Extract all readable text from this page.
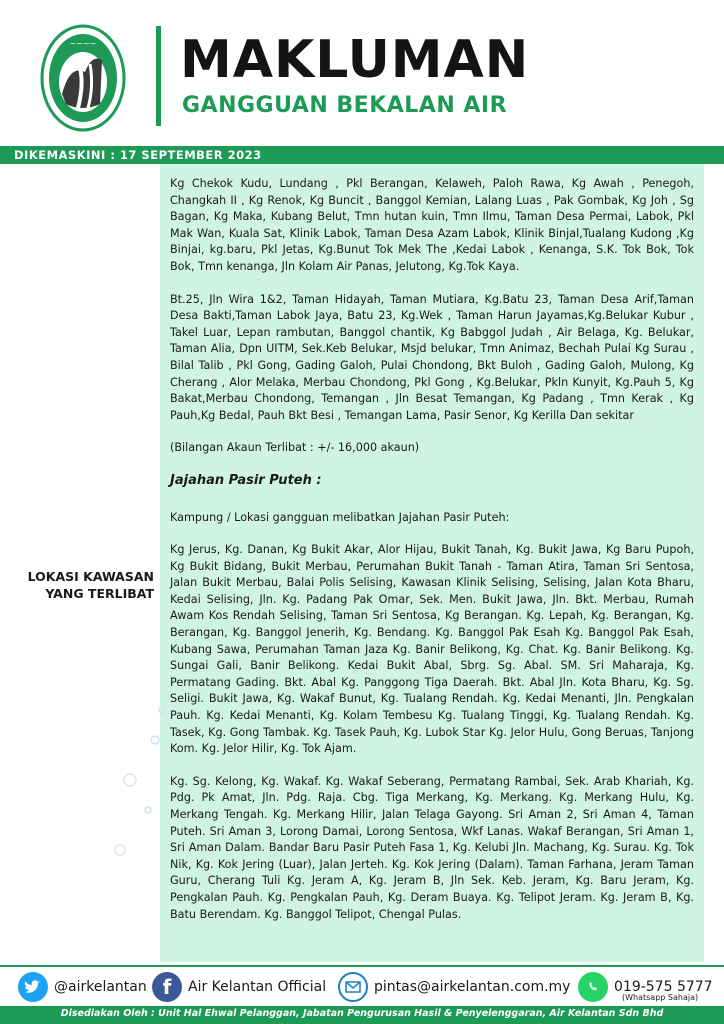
~~~~ MAKLUMAN
GANGGUAN BEKALAN AIR
DIKEMASKINI : 17 SEPTEMBER 2023
LOKASI KAWASAN
YANG TERLIBAT

Kg Chekok Kudu, Lundang , Pkl Berangan, Kelaweh, Paloh Rawa, Kg Awah , Penegoh, Changkah II , Kg Renok, Kg Buncit , Banggol Kemian, Lalang Luas , Pak Gombak, Kg Joh , Sg Bagan, Kg Maka, Kubang Belut, Tmn hutan kuin, Tmn Ilmu, Taman Desa Permai, Labok, Pkl Mak Wan, Kuala Sat, Klinik Labok, Taman Desa Azam Labok, Klinik Binjal,Tualang Kudong ,Kg Binjai, kg.baru, Pkl Jetas, Kg.Bunut Tok Mek The ,Kedai Labok , Kenanga, S.K. Tok Bok, Tok Bok, Tmn kenanga, Jln Kolam Air Panas, Jelutong, Kg.Tok Kaya.

Bt.25, Jln Wira 1&2, Taman Hidayah, Taman Mutiara, Kg.Batu 23, Taman Desa Arif,Taman Desa Bakti,Taman Labok Jaya, Batu 23, Kg.Wek , Taman Harun Jayamas,Kg.Belukar Kubur , Takel Luar, Lepan rambutan, Banggol chantik, Kg Babggol Judah , Air Belaga, Kg. Belukar, Taman Alia, Dpn UITM, Sek.Keb Belukar, Msjd belukar, Tmn Animaz, Bechah Pulai Kg Surau , Bilal Talib , Pkl Gong, Gading Galoh, Pulai Chondong, Bkt Buloh , Gading Galoh, Mulong, Kg Cherang , Alor Melaka, Merbau Chondong, Pkl Gong , Kg.Belukar, Pkln Kunyit, Kg.Pauh 5, Kg Bakat,Merbau Chondong, Temangan , Jln Besat Temangan, Kg Padang , Tmn Kerak , Kg Pauh,Kg Bedal, Pauh Bkt Besi , Temangan Lama, Pasir Senor, Kg Kerilla Dan sekitar

(Bilangan Akaun Terlibat : +/- 16,000 akaun)

Jajahan Pasir Puteh :

Kampung / Lokasi gangguan melibatkan Jajahan Pasir Puteh:

Kg Jerus, Kg. Danan, Kg Bukit Akar, Alor Hijau, Bukit Tanah, Kg. Bukit Jawa, Kg Baru Pupoh, Kg Bukit Bidang, Bukit Merbau, Perumahan Bukit Tanah - Taman Atira, Taman Sri Sentosa, Jalan Bukit Merbau, Balai Polis Selising, Kawasan Klinik Selising, Selising, Jalan Kota Bharu, Kedai Selising, Jln. Kg. Padang Pak Omar, Sek. Men. Bukit Jawa, Jln. Bkt. Merbau, Rumah Awam Kos Rendah Selising, Taman Sri Sentosa, Kg Berangan. Kg. Lepah, Kg. Berangan, Kg. Berangan, Kg. Banggol Jenerih, Kg. Bendang. Kg. Banggol Pak Esah Kg. Banggol Pak Esah, Kubang Sawa, Perumahan Taman Jaza Kg. Banir Belikong, Kg. Chat. Kg. Banir Belikong. Kg. Sungai Gali, Banir Belikong. Kedai Bukit Abal, Sbrg. Sg. Abal. SM. Sri Maharaja, Kg. Permatang Gading. Bkt. Abal Kg. Panggong Tiga Daerah. Bkt. Abal Jln. Kota Bharu, Kg. Sg. Seligi. Bukit Jawa, Kg. Wakaf Bunut, Kg. Tualang Rendah. Kg. Kedai Menanti, Jln. Pengkalan Pauh. Kg. Kedai Menanti, Kg. Kolam Tembesu Kg. Tualang Tinggi, Kg. Tualang Rendah. Kg. Tasek, Kg. Gong Tambak. Kg. Tasek Pauh, Kg. Lubok Star Kg. Jelor Hulu, Gong Beruas, Tanjong Kom. Kg. Jelor Hilir, Kg. Tok Ajam.

Kg. Sg. Kelong, Kg. Wakaf. Kg. Wakaf Seberang, Permatang Rambai, Sek. Arab Khariah, Kg. Pdg. Pk Amat, Jln. Pdg. Raja. Cbg. Tiga Merkang, Kg. Merkang. Kg. Merkang Hulu, Kg. Merkang Tengah. Kg. Merkang Hilir, Jalan Telaga Gayong. Sri Aman 2, Sri Aman 4, Taman Puteh. Sri Aman 3, Lorong Damai, Lorong Sentosa, Wkf Lanas. Wakaf Berangan, Sri Aman 1, Sri Aman Dalam. Bandar Baru Pasir Puteh Fasa 1, Kg. Kelubi Jln. Machang, Kg. Surau. Kg. Tok Nik, Kg. Kok Jering (Luar), Jalan Jerteh. Kg. Kok Jering (Dalam). Taman Farhana, Jeram Taman Guru, Cherang Tuli Kg. Jeram A, Kg. Jeram B, Jln Sek. Keb. Jeram, Kg. Baru Jeram, Kg. Pengkalan Pauh. Kg. Pengkalan Pauh, Kg. Deram Buaya. Kg. Telipot Jeram. Kg. Jeram B, Kg. Batu Berendam. Kg. Banggol Telipot, Chengal Pulas.

@airkelantan f	Air Kelantan Official	pintas@airkelantan.com.my	019-575 5777
(Whatsapp Sahaja)
Disediakan Oleh : Unit Hal Ehwal Pelanggan, Jabatan Pengurusan Hasil & Penyelenggaran, Air Kelantan Sdn Bhd
